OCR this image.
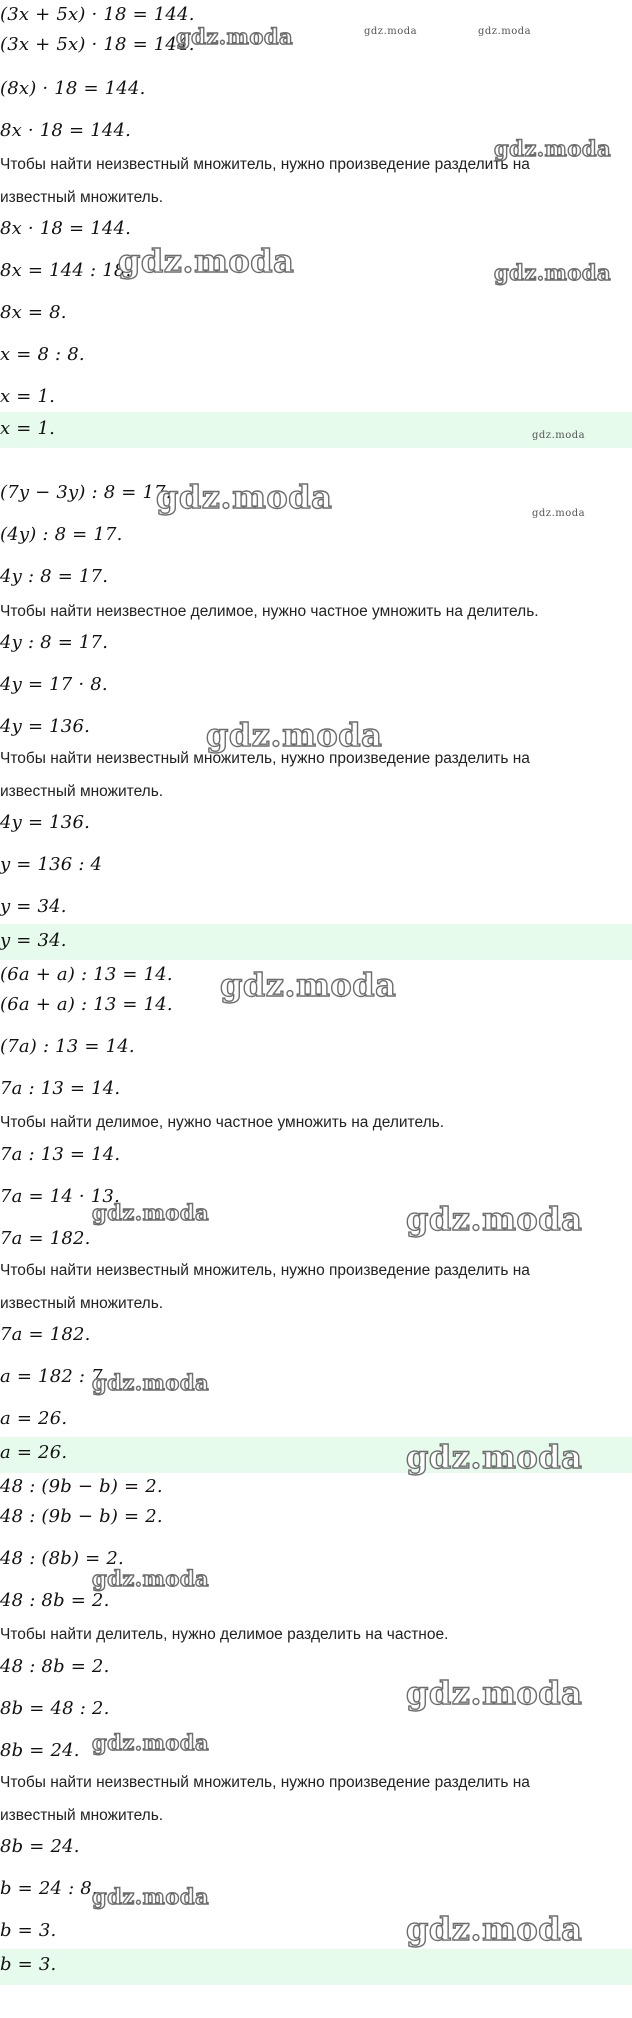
(3x + 5x) · 18 = 144.
(3x + 5x) · 18 = 144.
(8x) · 18 = 144.
8x · 18 = 144.
Чтобы найти неизвестный множитель, нужно произведение разделить на
известный множитель.
8x · 18 = 144.
8x = 144 : 18.
8x = 8.
x = 8 : 8.
x = 1.
x = 1.
(7y − 3y) : 8 = 17.
(4y) : 8 = 17.
4y : 8 = 17.
Чтобы найти неизвестное делимое, нужно частное умножить на делитель.
4y : 8 = 17.
4y = 17 · 8.
4y = 136.
Чтобы найти неизвестный множитель, нужно произведение разделить на
известный множитель.
4y = 136.
y = 136 : 4
y = 34.
y = 34.
(6a + a) : 13 = 14.
(6a + a) : 13 = 14.
(7a) : 13 = 14.
7a : 13 = 14.
Чтобы найти делимое, нужно частное умножить на делитель.
7a : 13 = 14.
7a = 14 · 13.
7a = 182.
Чтобы найти неизвестный множитель, нужно произведение разделить на
известный множитель.
7a = 182.
a = 182 : 7
a = 26.
a = 26.
48 : (9b − b) = 2.
48 : (9b − b) = 2.
48 : (8b) = 2.
48 : 8b = 2.
Чтобы найти делитель, нужно делимое разделить на частное.
48 : 8b = 2.
8b = 48 : 2.
8b = 24.
Чтобы найти неизвестный множитель, нужно произведение разделить на
известный множитель.
8b = 24.
b = 24 : 8.
b = 3.
b = 3.
gdz.moda	gdz.moda	gdz.moda
gdz.moda
gdz.moda	gdz.moda
gdz.moda
gdz.moda	gdz.moda
gdz.moda
gdz.moda
gdz.moda	gdz.moda
gdz.moda
gdz.moda
gdz.moda
gdz.moda
gdz.moda
gdz.moda
gdz.moda
